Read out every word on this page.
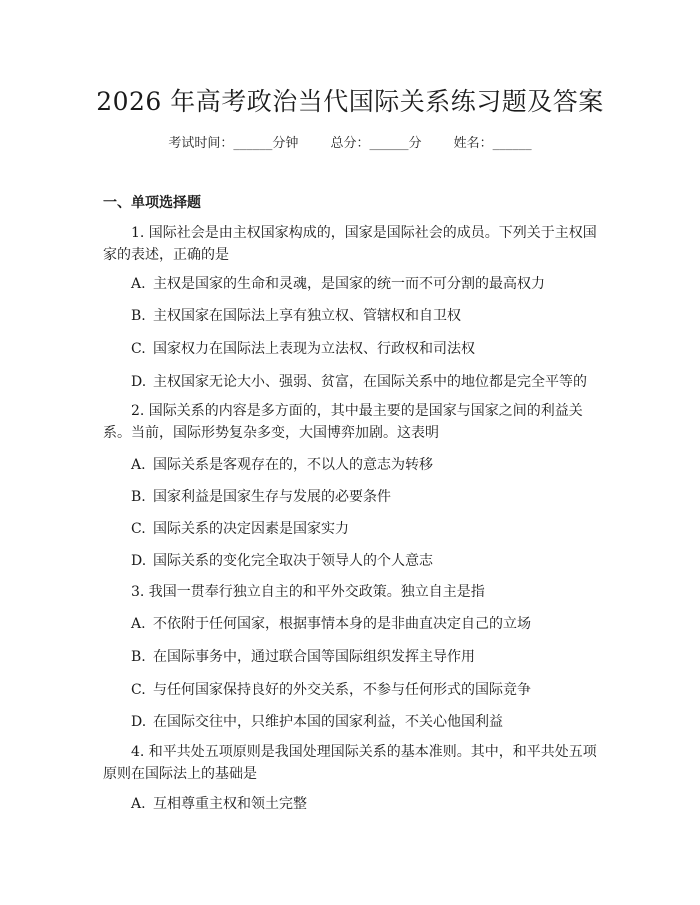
2026 年高考政治当代国际关系练习题及答案
考试时间：______分钟 总分：______分 姓名：______
一、单项选择题

1. 国际社会是由主权国家构成的，国家是国际社会的成员。下列关于主权国家的表述，正确的是

A. 主权是国家的生命和灵魂，是国家的统一而不可分割的最高权力

B. 主权国家在国际法上享有独立权、管辖权和自卫权

C. 国家权力在国际法上表现为立法权、行政权和司法权

D. 主权国家无论大小、强弱、贫富，在国际关系中的地位都是完全平等的

2. 国际关系的内容是多方面的，其中最主要的是国家与国家之间的利益关系。当前，国际形势复杂多变，大国博弈加剧。这表明

A. 国际关系是客观存在的，不以人的意志为转移

B. 国家利益是国家生存与发展的必要条件

C. 国际关系的决定因素是国家实力

D. 国际关系的变化完全取决于领导人的个人意志

3. 我国一贯奉行独立自主的和平外交政策。独立自主是指

A. 不依附于任何国家，根据事情本身的是非曲直决定自己的立场

B. 在国际事务中，通过联合国等国际组织发挥主导作用

C. 与任何国家保持良好的外交关系，不参与任何形式的国际竞争

D. 在国际交往中，只维护本国的国家利益，不关心他国利益

4. 和平共处五项原则是我国处理国际关系的基本准则。其中，和平共处五项原则在国际法上的基础是

A. 互相尊重主权和领土完整
